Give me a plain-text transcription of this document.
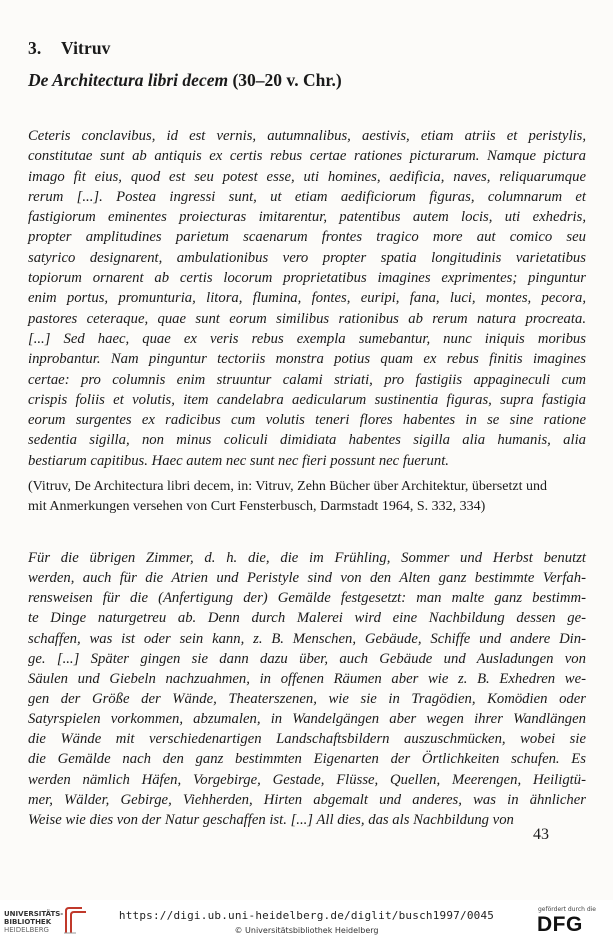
3. Vitruv
De Architectura libri decem (30–20 v. Chr.)
Ceteris conclavibus, id est vernis, autumnalibus, aestivis, etiam atriis et peristylis,
constitutae sunt ab antiquis ex certis rebus certae rationes picturarum. Namque pictura
imago fit eius, quod est seu potest esse, uti homines, aedificia, naves, reliquarumque
rerum [...]. Postea ingressi sunt, ut etiam aedificiorum figuras, columnarum et
fastigiorum eminentes proiecturas imitarentur, patentibus autem locis, uti exhedris,
propter amplitudines parietum scaenarum frontes tragico more aut comico seu
satyrico designarent, ambulationibus vero propter spatia longitudinis varietatibus
topiorum ornarent ab certis locorum proprietatibus imagines exprimentes; pinguntur
enim portus, promunturia, litora, flumina, fontes, euripi, fana, luci, montes, pecora,
pastores ceteraque, quae sunt eorum similibus rationibus ab rerum natura procreata.
[...] Sed haec, quae ex veris rebus exempla sumebantur, nunc iniquis moribus
inprobantur. Nam pinguntur tectoriis monstra potius quam ex rebus finitis imagines
certae: pro columnis enim struuntur calami striati, pro fastigiis appagineculi cum
crispis foliis et volutis, item candelabra aedicularum sustinentia figuras, supra fastigia
eorum surgentes ex radicibus cum volutis teneri flores habentes in se sine ratione
sedentia sigilla, non minus coliculi dimidiata habentes sigilla alia humanis, alia
bestiarum capitibus. Haec autem nec sunt nec fieri possunt nec fuerunt.
(Vitruv, De Architectura libri decem, in: Vitruv, Zehn Bücher über Architektur, übersetzt und
mit Anmerkungen versehen von Curt Fensterbusch, Darmstadt 1964, S. 332, 334)
Für die übrigen Zimmer, d. h. die, die im Frühling, Sommer und Herbst benutzt
werden, auch für die Atrien und Peristyle sind von den Alten ganz bestimmte Verfah-
rensweisen für die (Anfertigung der) Gemälde festgesetzt: man malte ganz bestimm-
te Dinge naturgetreu ab. Denn durch Malerei wird eine Nachbildung dessen ge-
schaffen, was ist oder sein kann, z. B. Menschen, Gebäude, Schiffe und andere Din-
ge. [...] Später gingen sie dann dazu über, auch Gebäude und Ausladungen von
Säulen und Giebeln nachzuahmen, in offenen Räumen aber wie z. B. Exhedren we-
gen der Größe der Wände, Theaterszenen, wie sie in Tragödien, Komödien oder
Satyrspielen vorkommen, abzumalen, in Wandelgängen aber wegen ihrer Wandlängen
die Wände mit verschiedenartigen Landschaftsbildern auszuschmücken, wobei sie
die Gemälde nach den ganz bestimmten Eigenarten der Örtlichkeiten schufen. Es
werden nämlich Häfen, Vorgebirge, Gestade, Flüsse, Quellen, Meerengen, Heiligtü-
mer, Wälder, Gebirge, Viehherden, Hirten abgemalt und anderes, was in ähnlicher
Weise wie dies von der Natur geschaffen ist. [...] All dies, das als Nachbildung von
43
UNIVERSITÄTS-
BIBLIOTHEK
HEIDELBERG
https://digi.ub.uni-heidelberg.de/diglit/busch1997/0045
© Universitätsbibliothek Heidelberg
gefördert durch die
DFG
